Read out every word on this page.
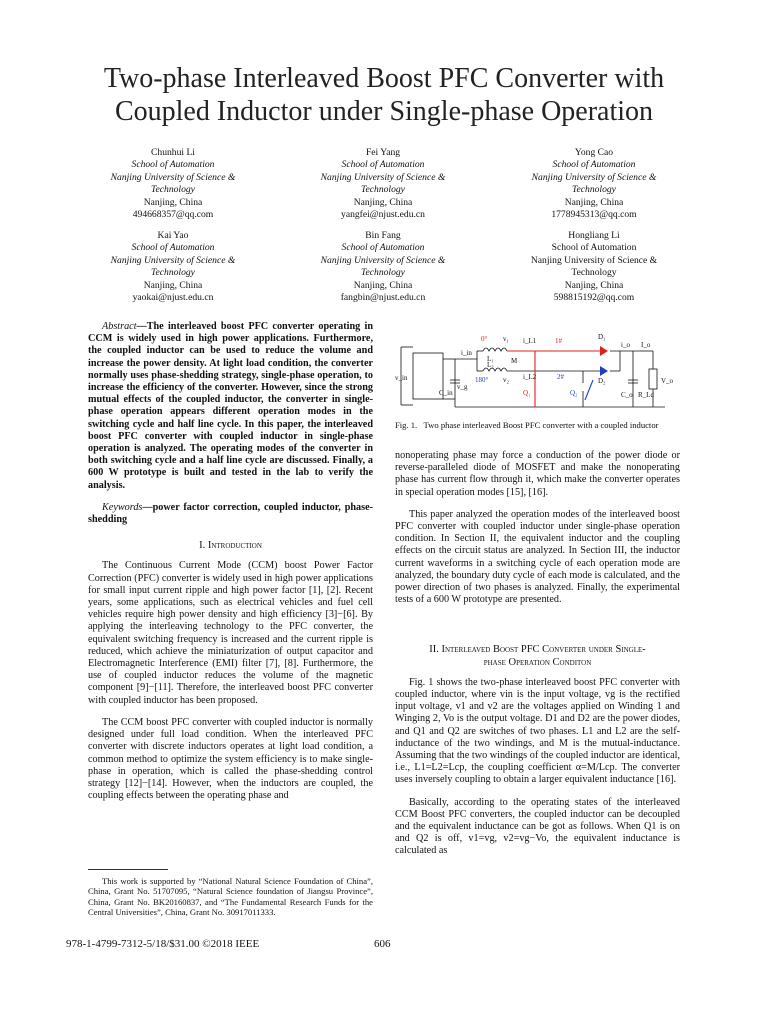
Two-phase Interleaved Boost PFC Converter with
Coupled Inductor under Single-phase Operation
Chunhui Li
School of Automation
Nanjing University of Science &
Technology
Nanjing, China
494668357@qq.com
Fei Yang
School of Automation
Nanjing University of Science &
Technology
Nanjing, China
yangfei@njust.edu.cn
Yong Cao
School of Automation
Nanjing University of Science &
Technology
Nanjing, China
1778945313@qq.com
Kai Yao
School of Automation
Nanjing University of Science &
Technology
Nanjing, China
yaokai@njust.edu.cn
Bin Fang
School of Automation
Nanjing University of Science &
Technology
Nanjing, China
fangbin@njust.edu.cn
Hongliang Li
School of Automation
Nanjing University of Science &
Technology
Nanjing, China
598815192@qq.com

Abstract—The interleaved boost PFC converter operating in CCM is widely used in high power applications. Furthermore, the coupled inductor can be used to reduce the volume and increase the power density. At light load condition, the converter normally uses phase-shedding strategy, single-phase operation, to increase the efficiency of the converter. However, since the strong mutual effects of the coupled inductor, the converter in single-phase operation appears different operation modes in the switching cycle and half line cycle. In this paper, the interleaved boost PFC converter with coupled inductor in single-phase operation is analyzed. The operating modes of the converter in both switching cycle and a half line cycle are discussed. Finally, a 600 W prototype is built and tested in the lab to verify the analysis.

Keywords—power factor correction, coupled inductor, phase-shedding

I. Introduction

The Continuous Current Mode (CCM) boost Power Factor Correction (PFC) converter is widely used in high power applications for small input current ripple and high power factor [1], [2]. Recent years, some applications, such as electrical vehicles and fuel cell vehicles require high power density and high efficiency [3]−[6]. By applying the interleaving technology to the PFC converter, the equivalent switching frequency is increased and the current ripple is reduced, which achieve the miniaturization of output capacitor and Electromagnetic Interference (EMI) filter [7], [8]. Furthermore, the use of coupled inductor reduces the volume of the magnetic component [9]−[11]. Therefore, the interleaved boost PFC converter with coupled inductor has been proposed.

The CCM boost PFC converter with coupled inductor is normally designed under full load condition. When the interleaved PFC converter with discrete inductors operates at light load condition, a common method to optimize the system efficiency is to make single-phase in operation, which is called the phase-shedding control strategy [12]−[14]. However, when the inductors are coupled, the coupling effects between the operating phase and

This work is supported by “National Natural Science Foundation of China”, China, Grant No. 51707095, “Natural Science foundation of Jiangsu Province”, China, Grant No. BK20160837, and “The Fundamental Research Funds for the Central Universities”, China, Grant No. 30917011333.
0°
180°
v₁
v₂
i_L1
i_L2
1#
2#
D₁
D₂
Q₁	Q₂
L₁
L₂ M
i_in
v_in
v_g
C_in
i_o I_o
C_o R_Ld
V_o
Fig. 1. Two phase interleaved Boost PFC converter with a coupled inductor

nonoperating phase may force a conduction of the power diode or reverse-paralleled diode of MOSFET and make the nonoperating phase has current flow through it, which make the converter operates in special operation modes [15], [16].

This paper analyzed the operation modes of the interleaved boost PFC converter with coupled inductor under single-phase operation condition. In Section II, the equivalent inductor and the coupling effects on the circuit status are analyzed. In Section III, the inductor current waveforms in a switching cycle of each operation mode are analyzed, the boundary duty cycle of each mode is calculated, and the power direction of two phases is analyzed. Finally, the experimental tests of a 600 W prototype are presented.

II. Interleaved Boost PFC Converter under Single-

phase Operation Conditon

Fig. 1 shows the two-phase interleaved boost PFC converter with coupled inductor, where vin is the input voltage, vg is the rectified input voltage, v1 and v2 are the voltages applied on Winding 1 and Winging 2, Vo is the output voltage. D1 and D2 are the power diodes, and Q1 and Q2 are switches of two phases. L1 and L2 are the self-inductance of the two windings, and M is the mutual-inductance. Assuming that the two windings of the coupled inductor are identical, i.e., L1=L2=Lcp, the coupling coefficient α=M/Lcp. The converter uses inversely coupling to obtain a larger equivalent inductance [16].

Basically, according to the operating states of the interleaved CCM Boost PFC converters, the coupled inductor can be decoupled and the equivalent inductance can be got as follows. When Q1 is on and Q2 is off, v1=vg, v2=vg−Vo, the equivalent inductance is calculated as

978-1-4799-7312-5/18/$31.00 ©2018 IEEE	606
